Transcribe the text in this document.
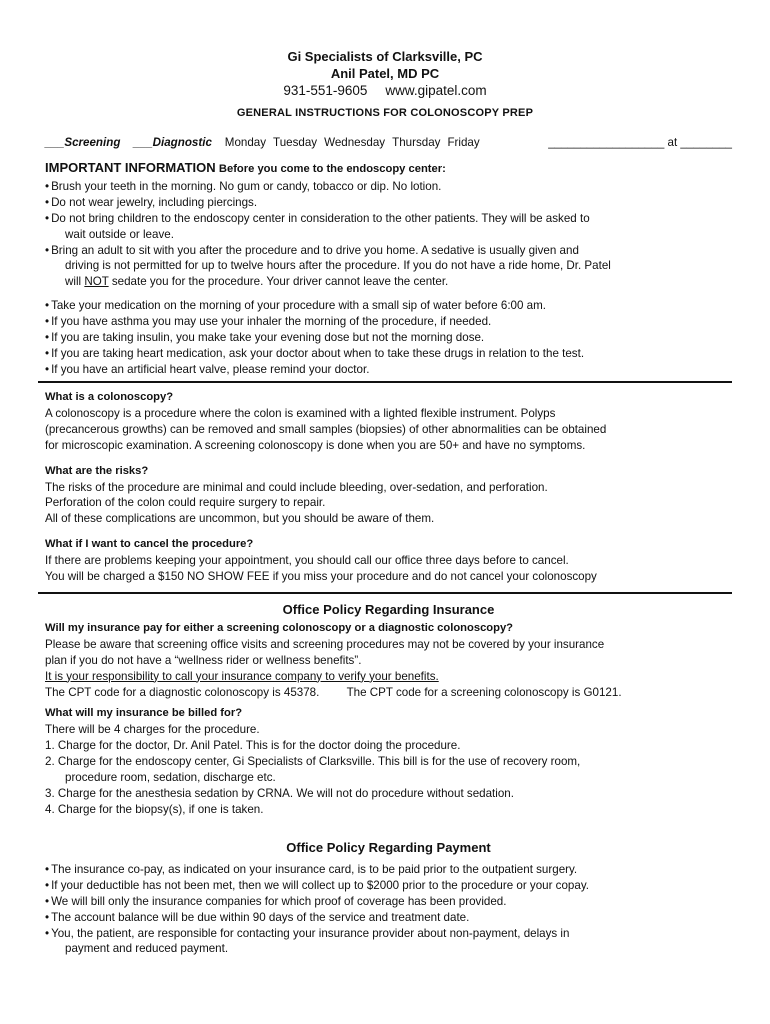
Gi Specialists of Clarksville, PC
Anil Patel, MD PC
931-551-9605 www.gipatel.com
GENERAL INSTRUCTIONS FOR COLONOSCOPY PREP
___Screening ___Diagnostic Monday Tuesday Wednesday Thursday Friday	__________________ at ________
IMPORTANT INFORMATION Before you come to the endoscopy center:
• Brush your teeth in the morning. No gum or candy, tobacco or dip. No lotion.
• Do not wear jewelry, including piercings.
• Do not bring children to the endoscopy center in consideration to the other patients. They will be asked to
wait outside or leave.
• Bring an adult to sit with you after the procedure and to drive you home. A sedative is usually given and
driving is not permitted for up to twelve hours after the procedure. If you do not have a ride home, Dr. Patel
will NOT sedate you for the procedure. Your driver cannot leave the center.
• Take your medication on the morning of your procedure with a small sip of water before 6:00 am.
• If you have asthma you may use your inhaler the morning of the procedure, if needed.
• If you are taking insulin, you make take your evening dose but not the morning dose.
• If you are taking heart medication, ask your doctor about when to take these drugs in relation to the test.
• If you have an artificial heart valve, please remind your doctor.
What is a colonoscopy?
A colonoscopy is a procedure where the colon is examined with a lighted flexible instrument. Polyps
(precancerous growths) can be removed and small samples (biopsies) of other abnormalities can be obtained
for microscopic examination. A screening colonoscopy is done when you are 50+ and have no symptoms.
What are the risks?
The risks of the procedure are minimal and could include bleeding, over-sedation, and perforation.
Perforation of the colon could require surgery to repair.
All of these complications are uncommon, but you should be aware of them.
What if I want to cancel the procedure?
If there are problems keeping your appointment, you should call our office three days before to cancel.
You will be charged a $150 NO SHOW FEE if you miss your procedure and do not cancel your colonoscopy
Office Policy Regarding Insurance
Will my insurance pay for either a screening colonoscopy or a diagnostic colonoscopy?
Please be aware that screening office visits and screening procedures may not be covered by your insurance
plan if you do not have a “wellness rider or wellness benefits”.
It is your responsibility to call your insurance company to verify your benefits.
The CPT code for a diagnostic colonoscopy is 45378. The CPT code for a screening colonoscopy is G0121.
What will my insurance be billed for?
There will be 4 charges for the procedure.
1. Charge for the doctor, Dr. Anil Patel. This is for the doctor doing the procedure.
2. Charge for the endoscopy center, Gi Specialists of Clarksville. This bill is for the use of recovery room,
procedure room, sedation, discharge etc.
3. Charge for the anesthesia sedation by CRNA. We will not do procedure without sedation.
4. Charge for the biopsy(s), if one is taken.
Office Policy Regarding Payment
• The insurance co-pay, as indicated on your insurance card, is to be paid prior to the outpatient surgery.
• If your deductible has not been met, then we will collect up to $2000 prior to the procedure or your copay.
• We will bill only the insurance companies for which proof of coverage has been provided.
• The account balance will be due within 90 days of the service and treatment date.
• You, the patient, are responsible for contacting your insurance provider about non-payment, delays in
payment and reduced payment.
